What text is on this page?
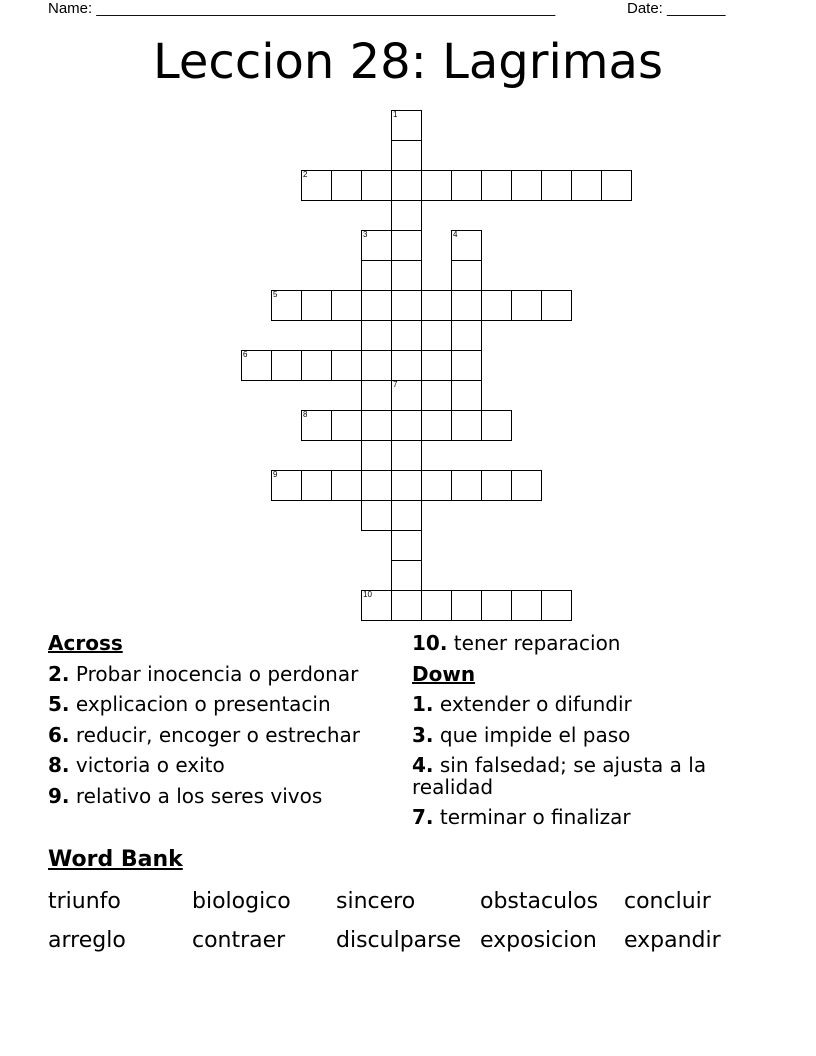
Name: _______________________________________________________	Date: _______
Leccion 28: Lagrimas
1
2
3	4
5
6
7
8
9
10
Across
2. Probar inocencia o perdonar
5. explicacion o presentacin
6. reducir, encoger o estrechar
8. victoria o exito
9. relativo a los seres vivos
10. tener reparacion
Down
1. extender o difundir
3. que impide el paso
4. sin falsedad; se ajusta a la realidad
7. terminar o finalizar
Word Bank
triunfo	biologico	sincero	obstaculos	concluir
arreglo	contraer	disculparse exposicion	expandir
